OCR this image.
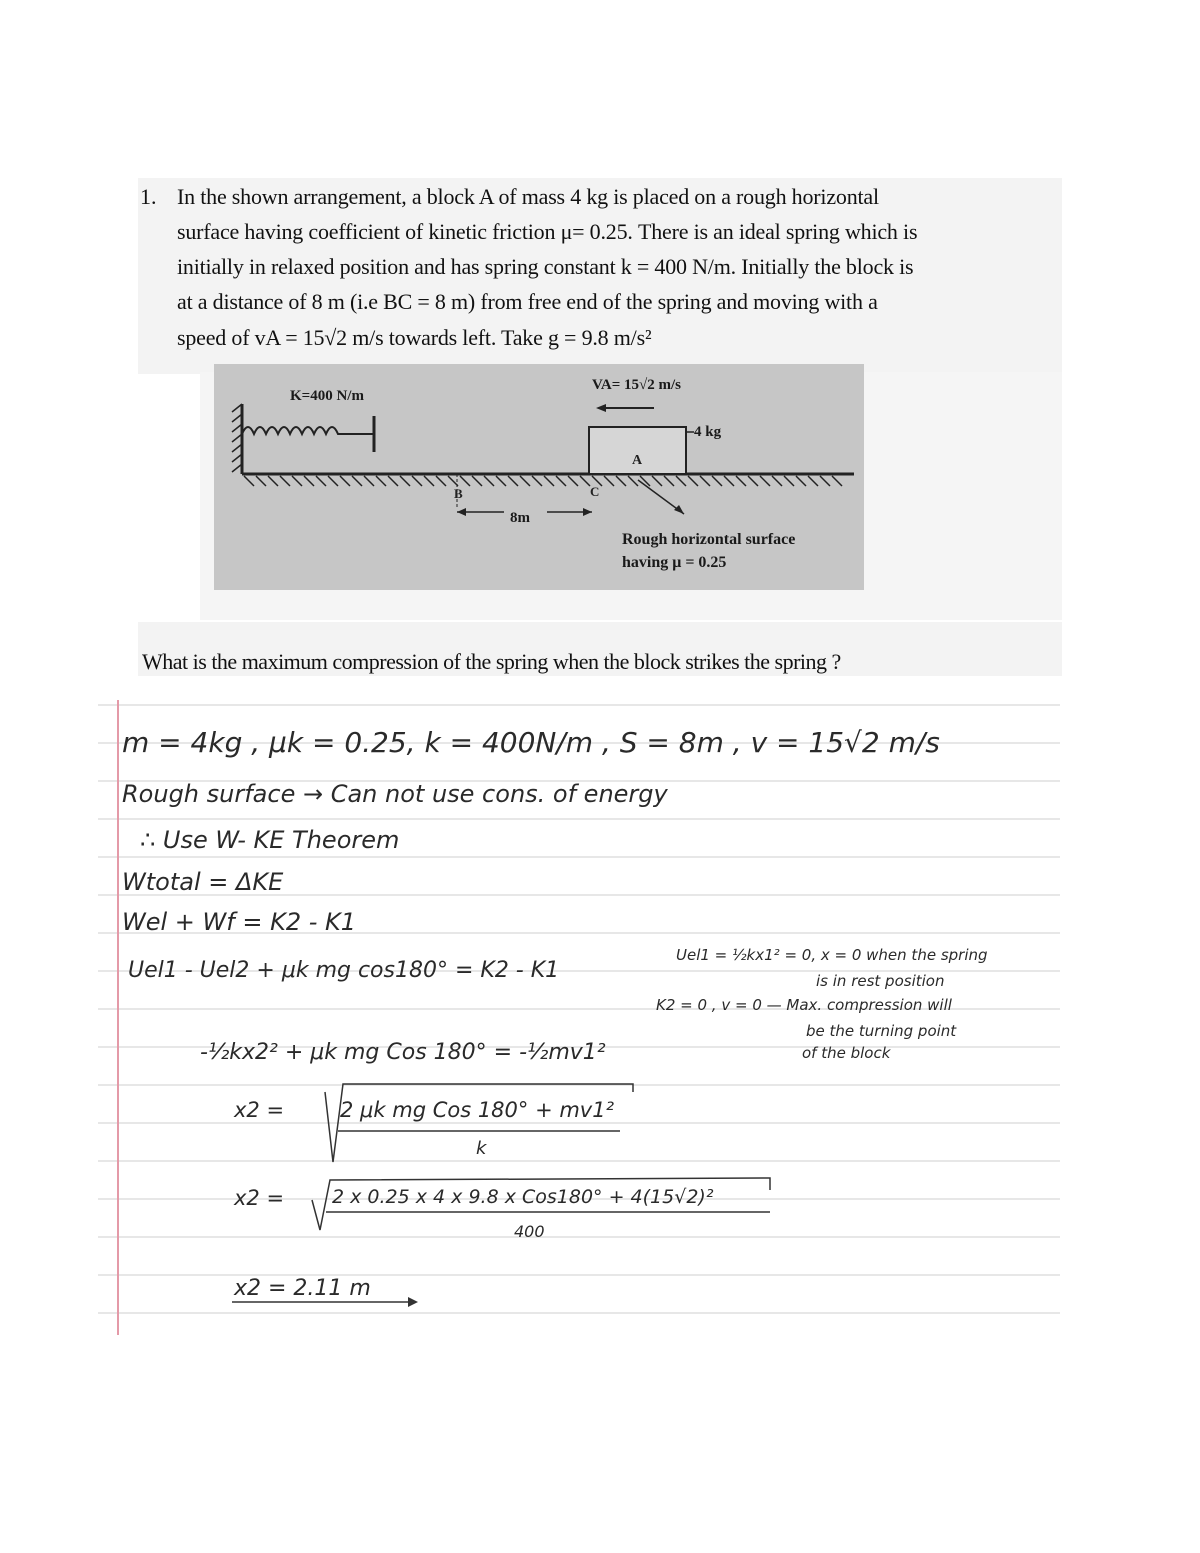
1. In the shown arrangement, a block A of mass 4 kg is placed on a rough horizontal
surface having coefficient of kinetic friction μ= 0.25. There is an ideal spring which is
initially in relaxed position and has spring constant k = 400 N/m. Initially the block is
at a distance of 8 m (i.e BC = 8 m) from free end of the spring and moving with a
speed of vA = 15√2 m/s towards left. Take g = 9.8 m/s²
K=400 N/m
VA= 15√2 m/s
A
4 kg
B	C
8m
Rough horizontal surface
having μ = 0.25
What is the maximum compression of the spring when the block strikes the spring ?
m = 4kg , μk = 0.25, k = 400N/m , S = 8m , v = 15√2 m/s
Rough surface → Can not use cons. of energy
∴ Use W- KE Theorem
Wtotal = ΔKE
Wel + Wf = K2 - K1
Uel1 - Uel2 + μk mg cos180° = K2 - K1
Uel1 = ½kx1² = 0, x = 0 when the spring
is in rest position
K2 = 0 , v = 0 — Max. compression will
be the turning point
of the block
-½kx2² + μk mg Cos 180° = -½mv1²
x2 =	2 μk mg Cos 180° + mv1²
k
x2 =	2 x 0.25 x 4 x 9.8 x Cos180° + 4(15√2)²
400
x2 = 2.11 m
